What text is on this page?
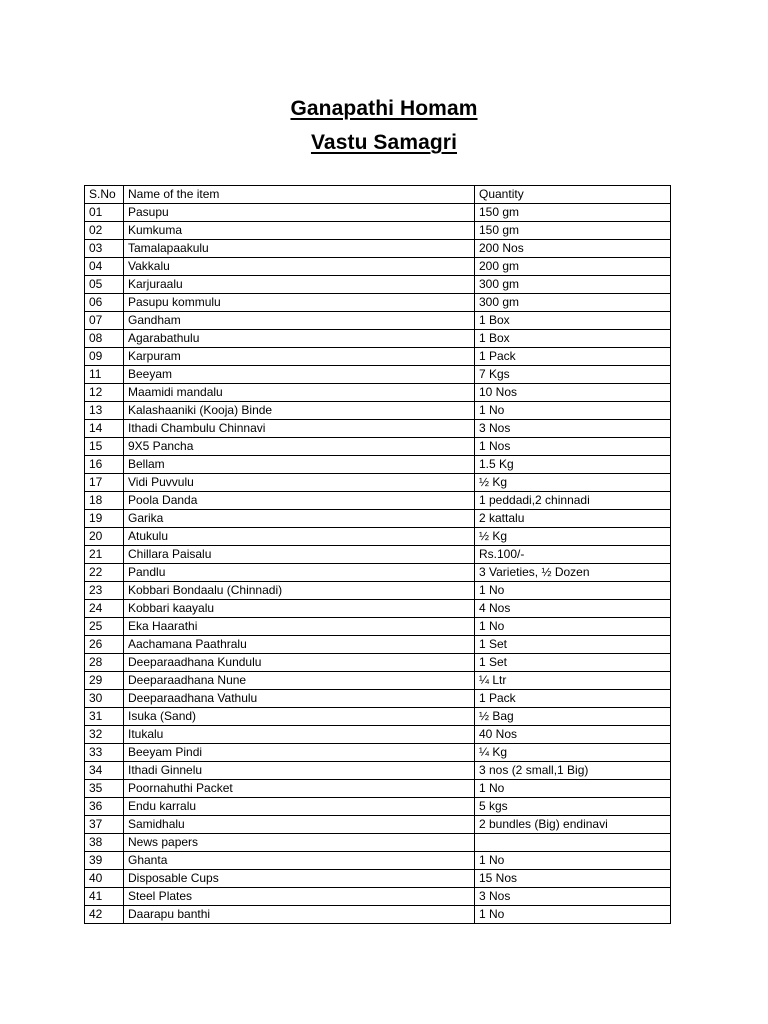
Ganapathi Homam
Vastu Samagri
S.No	Name of the item	Quantity
01	Pasupu	150 gm
02	Kumkuma	150 gm
03	Tamalapaakulu	200 Nos
04	Vakkalu	200 gm
05	Karjuraalu	300 gm
06	Pasupu kommulu	300 gm
07	Gandham	1 Box
08	Agarabathulu	1 Box
09	Karpuram	1 Pack
11	Beeyam	7 Kgs
12	Maamidi mandalu	10 Nos
13	Kalashaaniki (Kooja) Binde	1 No
14	Ithadi Chambulu Chinnavi	3 Nos
15	9X5 Pancha	1 Nos
16	Bellam	1.5 Kg
17	Vidi Puvvulu	½ Kg
18	Poola Danda	1 peddadi,2 chinnadi
19	Garika	2 kattalu
20	Atukulu	½ Kg
21	Chillara Paisalu	Rs.100/-
22	Pandlu	3 Varieties, ½ Dozen
23	Kobbari Bondaalu (Chinnadi)	1 No
24	Kobbari kaayalu	4 Nos
25	Eka Haarathi	1 No
26	Aachamana Paathralu	1 Set
28	Deeparaadhana Kundulu	1 Set
29	Deeparaadhana Nune	¼ Ltr
30	Deeparaadhana Vathulu	1 Pack
31	Isuka (Sand)	½ Bag
32	Itukalu	40 Nos
33	Beeyam Pindi	¼ Kg
34	Ithadi Ginnelu	3 nos (2 small,1 Big)
35	Poornahuthi Packet	1 No
36	Endu karralu	5 kgs
37	Samidhalu	2 bundles (Big) endinavi
38	News papers	
39	Ghanta	1 No
40	Disposable Cups	15 Nos
41	Steel Plates	3 Nos
42	Daarapu banthi	1 No
